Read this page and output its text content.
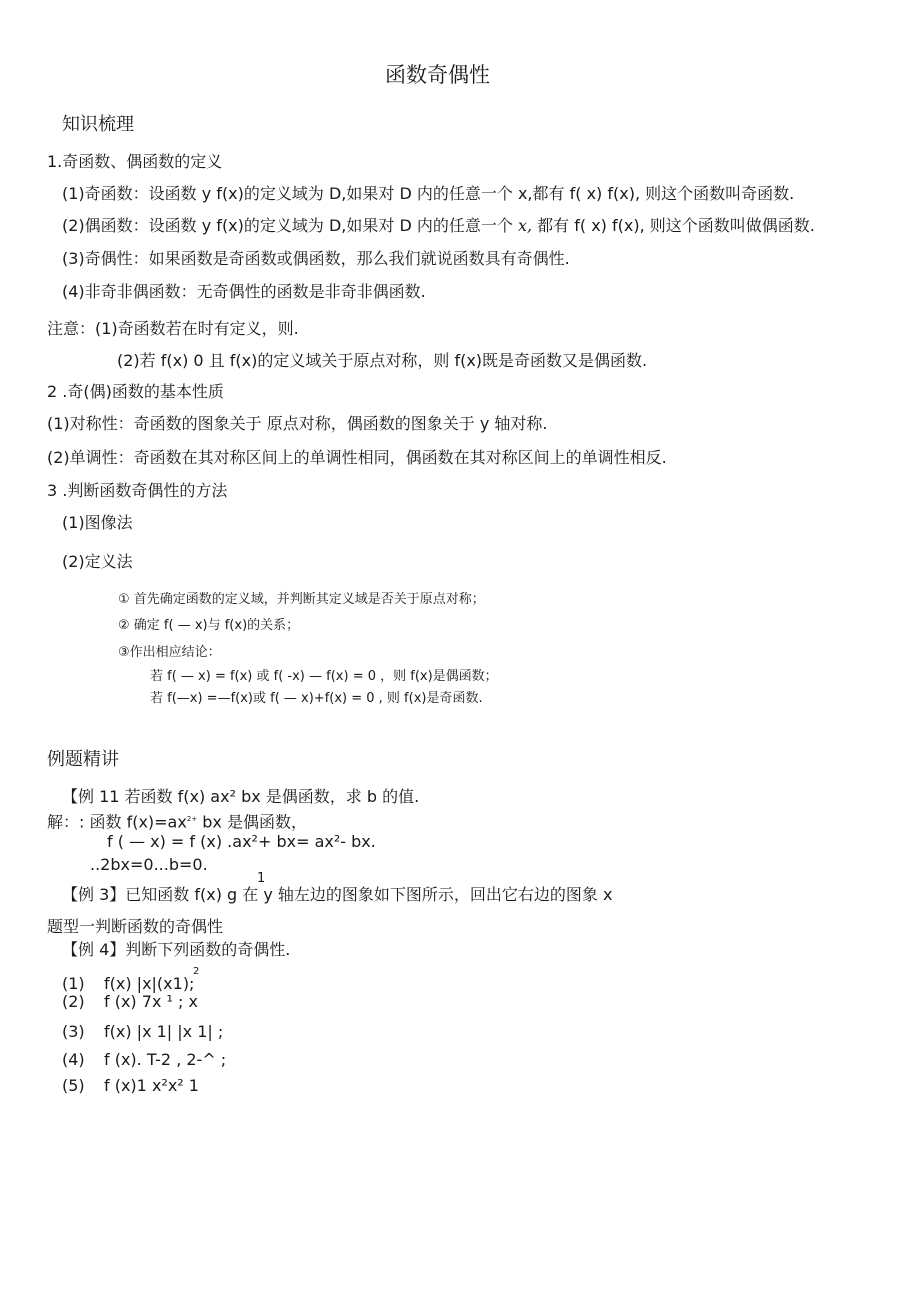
函数奇偶性
知识梳理
1.奇函数、偶函数的定义
(1)奇函数：设函数 y f(x)的定义域为 D,如果对 D 内的任意一个 x,都有 f( x) f(x), 则这个函数叫奇函数.
(2)偶函数：设函数 y f(x)的定义域为 D,如果对 D 内的任意一个 x, 都有 f( x) f(x), 则这个函数叫做偶函数.
(3)奇偶性：如果函数是奇函数或偶函数，那么我们就说函数具有奇偶性.
(4)非奇非偶函数：无奇偶性的函数是非奇非偶函数.
注意：(1)奇函数若在时有定义，则.
(2)若 f(x) 0 且 f(x)的定义域关于原点对称，则 f(x)既是奇函数又是偶函数.
2 .奇(偶)函数的基本性质
(1)对称性：奇函数的图象关于 原点对称，偶函数的图象关于 y 轴对称.
(2)单调性：奇函数在其对称区间上的单调性相同，偶函数在其对称区间上的单调性相反.
3 .判断函数奇偶性的方法
(1)图像法
(2)定义法
① 首先确定函数的定义域，并判断其定义域是否关于原点对称；
② 确定 f( — x)与 f(x)的关系；
③作出相应结论：
若 f( — x) = f(x) 或 f( -x) — f(x) = 0 ，则 f(x)是偶函数；
若 f(—x) =—f(x)或 f( — x)+f(x) = 0 , 则 f(x)是奇函数.
例题精讲
【例 11 若函数 f(x) ax² bx 是偶函数，求 b 的值.
解：: 函数 $f(x)=ax^{2+}$ bx 是偶函数，
f ( — x) = f (x) .ax²+ bx= ax²- bx.
..2bx=0...b=0.
1
【例 3】已知函数 f(x) g 在 y 轴左边的图象如下图所示，回出它右边的图象 x
题型一判断函数的奇偶性
【例 4】判断下列函数的奇偶性.
2
(1) f(x) |x|(x1);
(2) f (x) 7x ¹ ; x
(3) f(x) |x 1| |x 1| ;
(4) f (x). T-2 , 2-^ ;
(5) f (x)1 x²x² 1
